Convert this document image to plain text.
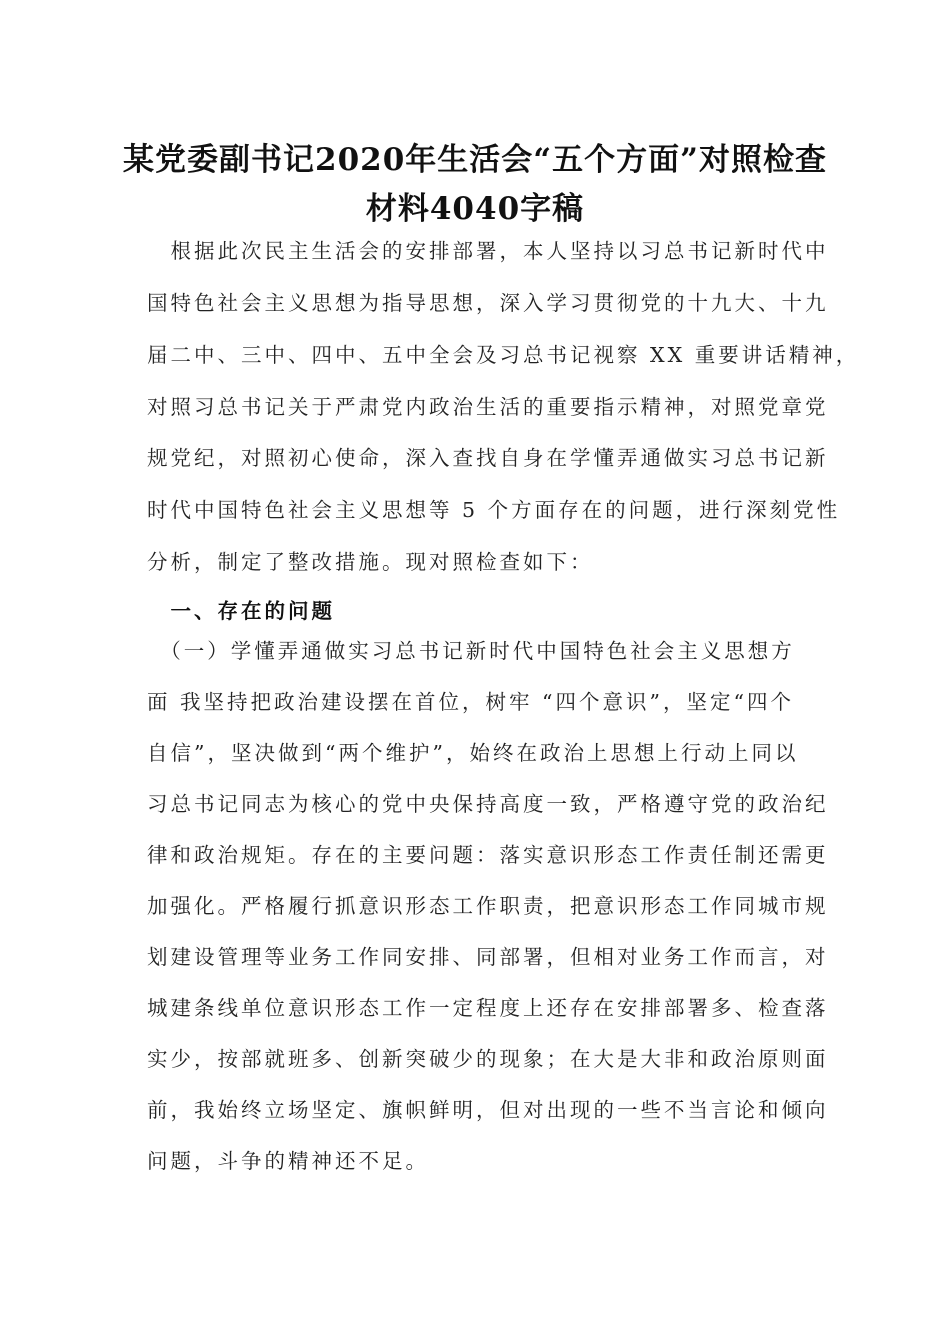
某党委副书记2020年生活会“五个方面”对照检查
材料4040字稿
　根据此次民主生活会的安排部署，本人坚持以习总书记新时代中
国特色社会主义思想为指导思想，深入学习贯彻党的十九大、十九
届二中、三中、四中、五中全会及习总书记视察 XX 重要讲话精神，
对照习总书记关于严肃党内政治生活的重要指示精神，对照党章党
规党纪，对照初心使命，深入查找自身在学懂弄通做实习总书记新
时代中国特色社会主义思想等 5 个方面存在的问题，进行深刻党性
分析，制定了整改措施。现对照检查如下：
　一、存在的问题
　（一）学懂弄通做实习总书记新时代中国特色社会主义思想方
面 我坚持把政治建设摆在首位，树牢 “四个意识”，坚定“四个
自信”，坚决做到“两个维护”，始终在政治上思想上行动上同以
习总书记同志为核心的党中央保持高度一致，严格遵守党的政治纪
律和政治规矩。存在的主要问题：落实意识形态工作责任制还需更
加强化。严格履行抓意识形态工作职责，把意识形态工作同城市规
划建设管理等业务工作同安排、同部署，但相对业务工作而言，对
城建条线单位意识形态工作一定程度上还存在安排部署多、检查落
实少，按部就班多、创新突破少的现象；在大是大非和政治原则面
前，我始终立场坚定、旗帜鲜明，但对出现的一些不当言论和倾向
问题，斗争的精神还不足。
